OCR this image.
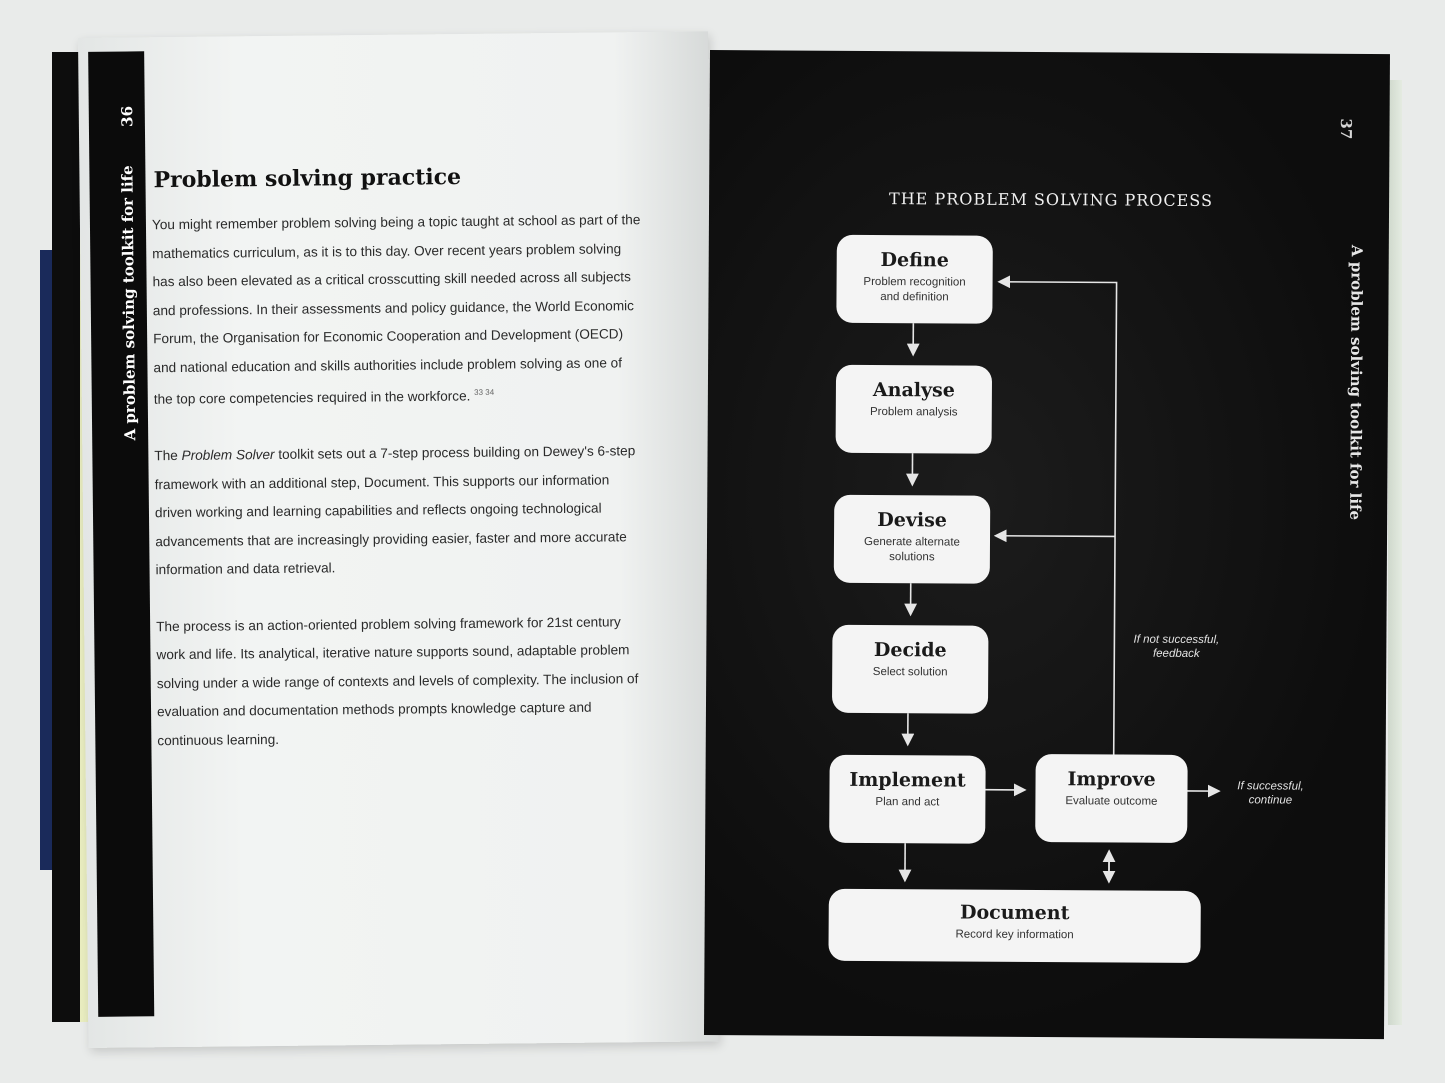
36
A problem solving toolkit for life Problem solving practice

You might remember problem solving being a topic taught at school as part of the mathematics curriculum, as it is to this day. Over recent years problem solving has also been elevated as a critical crosscutting skill needed across all subjects and professions. In their assessments and policy guidance, the World Economic Forum, the Organisation for Economic Cooperation and Development (OECD) and national education and skills authorities include problem solving as one of the top core competencies required in the workforce. $^{33 34}$

The Problem Solver toolkit sets out a 7-step process building on Dewey's 6-step framework with an additional step, Document. This supports our information driven working and learning capabilities and reflects ongoing technological advancements that are increasingly providing easier, faster and more accurate information and data retrieval.

The process is an action-oriented problem solving framework for 21st century work and life. Its analytical, iterative nature supports sound, adaptable problem solving under a wide range of contexts and levels of complexity. The inclusion of evaluation and documentation methods prompts knowledge capture and continuous learning.

37
A problem solving toolkit for life
THE PROBLEM SOLVING PROCESS
Define
Problem recognition and definition
Analyse
Problem analysis
Devise
Generate alternate solutions
Decide
Select solution
Implement
Plan and act
Improve
Evaluate outcome
Document
Record key information
If not successful, feedback
If successful, continue
